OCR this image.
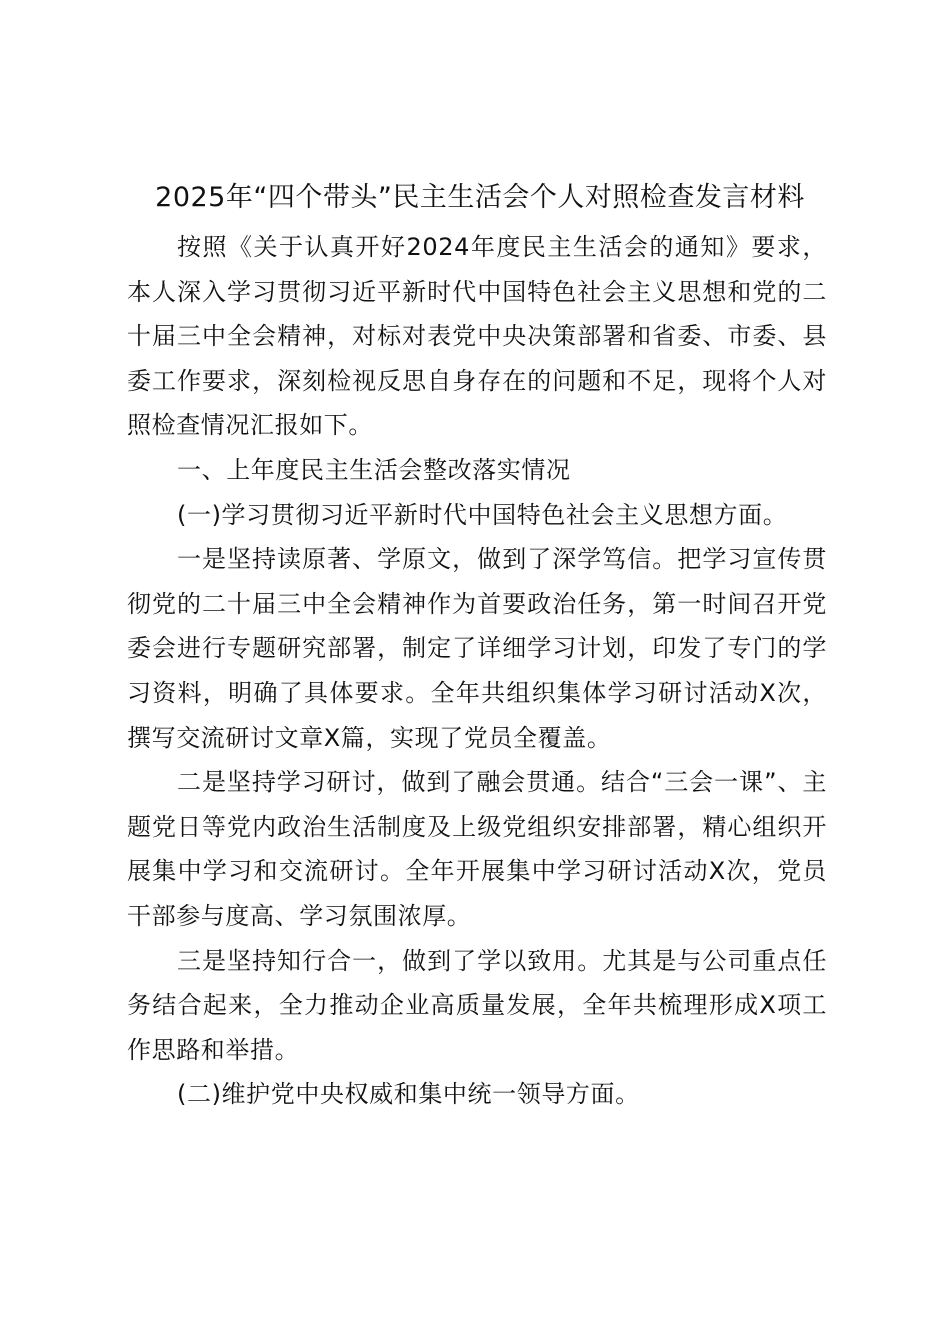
2025年“四个带头”民主生活会个人对照检查发言材料

按照《关于认真开好2024年度民主生活会的通知》要求，本人深入学习贯彻习近平新时代中国特色社会主义思想和党的二十届三中全会精神，对标对表党中央决策部署和省委、市委、县委工作要求，深刻检视反思自身存在的问题和不足，现将个人对照检查情况汇报如下。

一、上年度民主生活会整改落实情况

(一)学习贯彻习近平新时代中国特色社会主义思想方面。

一是坚持读原著、学原文，做到了深学笃信。把学习宣传贯彻党的二十届三中全会精神作为首要政治任务，第一时间召开党委会进行专题研究部署，制定了详细学习计划，印发了专门的学习资料，明确了具体要求。全年共组织集体学习研讨活动X次，撰写交流研讨文章X篇，实现了党员全覆盖。

二是坚持学习研讨，做到了融会贯通。结合“三会一课”、主题党日等党内政治生活制度及上级党组织安排部署，精心组织开展集中学习和交流研讨。全年开展集中学习研讨活动X次，党员干部参与度高、学习氛围浓厚。

三是坚持知行合一，做到了学以致用。尤其是与公司重点任务结合起来，全力推动企业高质量发展，全年共梳理形成X项工作思路和举措。

(二)维护党中央权威和集中统一领导方面。
